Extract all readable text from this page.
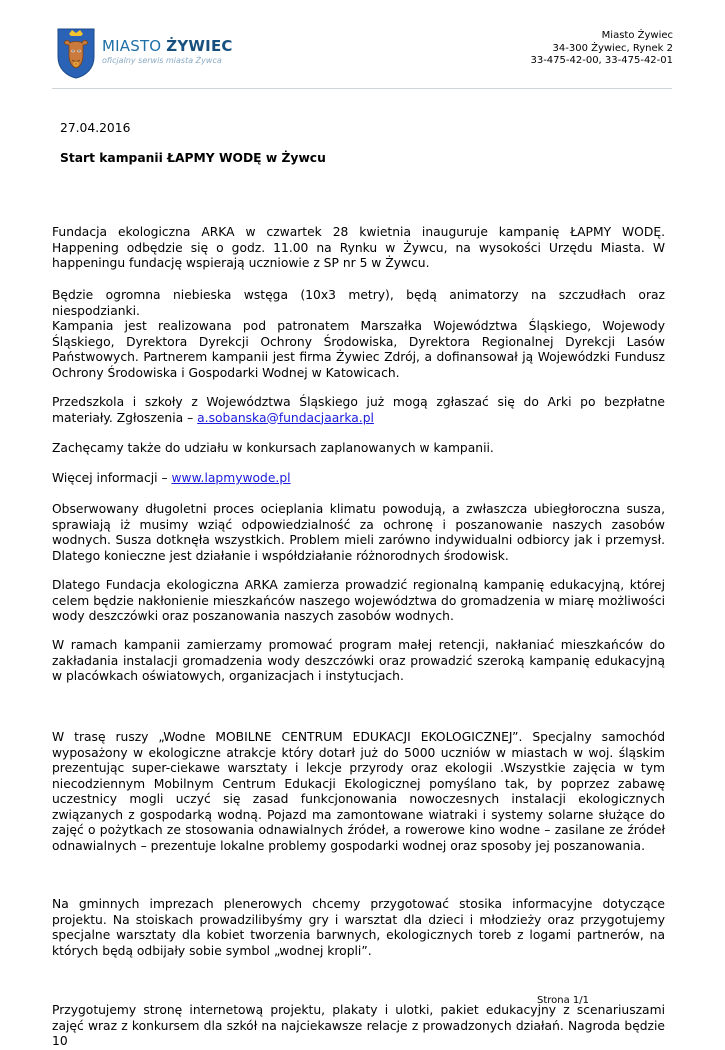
MIASTO ŻYWIEC
oficjalny serwis miasta Żywca
Miasto Żywiec
34-300 Żywiec, Rynek 2
33-475-42-00, 33-475-42-01
27.04.2016
Start kampanii ŁAPMY WODĘ w Żywcu

Fundacja ekologiczna ARKA w czwartek 28 kwietnia inauguruje kampanię ŁAPMY WODĘ. Happening odbędzie się o godz. 11.00 na Rynku w Żywcu, na wysokości Urzędu Miasta. W happeningu fundację wspierają uczniowie z SP nr 5 w Żywcu.

Będzie ogromna niebieska wstęga (10x3 metry), będą animatorzy na szczudłach oraz niespodzianki.

Kampania jest realizowana pod patronatem Marszałka Województwa Śląskiego, Wojewody Śląskiego, Dyrektora Dyrekcji Ochrony Środowiska, Dyrektora Regionalnej Dyrekcji Lasów Państwowych. Partnerem kampanii jest firma Żywiec Zdrój, a dofinansował ją Wojewódzki Fundusz Ochrony Środowiska i Gospodarki Wodnej w Katowicach.

Przedszkola i szkoły z Województwa Śląskiego już mogą zgłaszać się do Arki po bezpłatne materiały. Zgłoszenia – a.sobanska@fundacjaarka.pl

Zachęcamy także do udziału w konkursach zaplanowanych w kampanii.

Więcej informacji – www.lapmywode.pl

Obserwowany długoletni proces ocieplania klimatu powodują, a zwłaszcza ubiegłoroczna susza, sprawiają iż musimy wziąć odpowiedzialność za ochronę i poszanowanie naszych zasobów wodnych. Susza dotknęła wszystkich. Problem mieli zarówno indywidualni odbiorcy jak i przemysł. Dlatego konieczne jest działanie i współdziałanie różnorodnych środowisk.

Dlatego Fundacja ekologiczna ARKA zamierza prowadzić regionalną kampanię edukacyjną, której celem będzie nakłonienie mieszkańców naszego województwa do gromadzenia w miarę możliwości wody deszczówki oraz poszanowania naszych zasobów wodnych.

W ramach kampanii zamierzamy promować program małej retencji, nakłaniać mieszkańców do zakładania instalacji gromadzenia wody deszczówki oraz prowadzić szeroką kampanię edukacyjną w placówkach oświatowych, organizacjach i instytucjach.

W trasę ruszy „Wodne MOBILNE CENTRUM EDUKACJI EKOLOGICZNEJ”. Specjalny samochód wyposażony w ekologiczne atrakcje który dotarł już do 5000 uczniów w miastach w woj. śląskim prezentując super-ciekawe warsztaty i lekcje przyrody oraz ekologii .Wszystkie zajęcia w tym niecodziennym Mobilnym Centrum Edukacji Ekologicznej pomyślano tak, by poprzez zabawę uczestnicy mogli uczyć się zasad funkcjonowania nowoczesnych instalacji ekologicznych związanych z gospodarką wodną. Pojazd ma zamontowane wiatraki i systemy solarne służące do zajęć o pożytkach ze stosowania odnawialnych źródeł, a rowerowe kino wodne – zasilane ze źródeł odnawialnych – prezentuje lokalne problemy gospodarki wodnej oraz sposoby jej poszanowania.

Na gminnych imprezach plenerowych chcemy przygotować stosika informacyjne dotyczące projektu. Na stoiskach prowadzilibyśmy gry i warsztat dla dzieci i młodzieży oraz przygotujemy specjalne warsztaty dla kobiet tworzenia barwnych, ekologicznych toreb z logami partnerów, na których będą odbijały sobie symbol „wodnej kropli”.

Przygotujemy stronę internetową projektu, plakaty i ulotki, pakiet edukacyjny z scenariuszami zajęć wraz z konkursem dla szkół na najciekawsze relacje z prowadzonych działań. Nagroda będzie 10

Strona 1/1
